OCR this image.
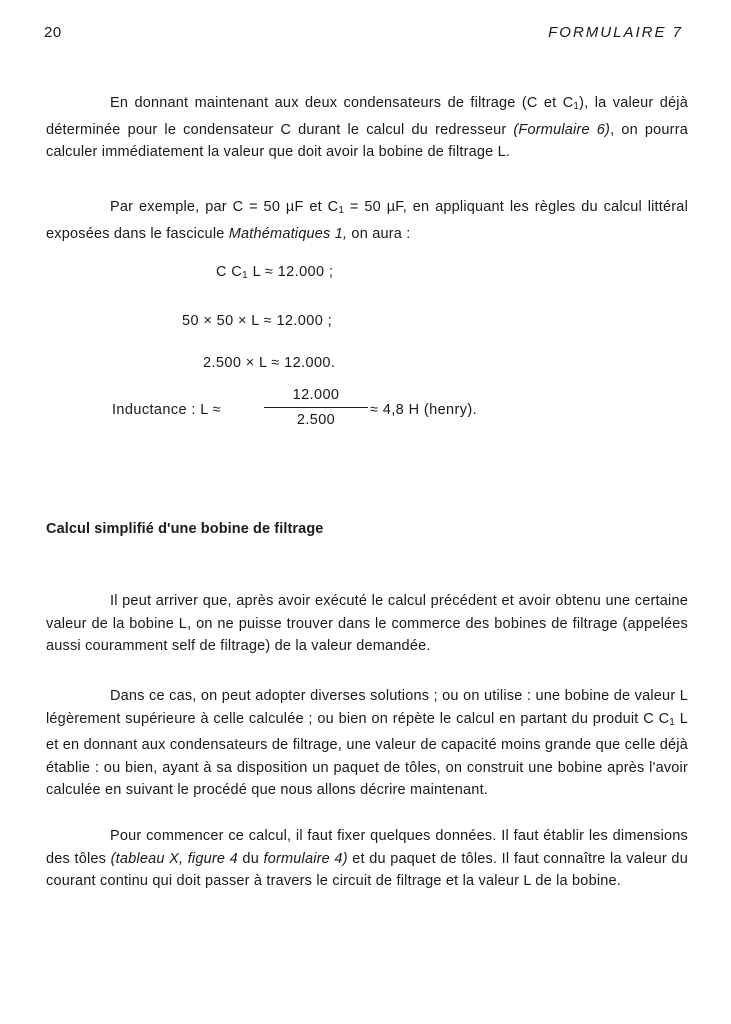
20	FORMULAIRE 7

En donnant maintenant aux deux condensateurs de filtrage (C et $C_1$), la valeur déjà déterminée pour le condensateur C durant le calcul du redresseur (Formulaire 6), on pourra calculer immédiatement la valeur que doit avoir la bobine de filtrage L.

Par exemple, par C = 50 µF et $C_1 = 50$ µF, en appliquant les règles du calcul littéral exposées dans le fascicule Mathématiques 1, on aura :

C $C_1$ L ≈ 12.000 ;
50 × 50 × L ≈ 12.000 ;
2.500 × L ≈ 12.000.
Inductance : L ≈
12.000
2.500
≈ 4,8 H (henry).
Calcul simplifié d'une bobine de filtrage

Il peut arriver que, après avoir exécuté le calcul précédent et avoir obtenu une certaine valeur de la bobine L, on ne puisse trouver dans le commerce des bobines de filtrage (appelées aussi couramment self de filtrage) de la valeur demandée.

Dans ce cas, on peut adopter diverses solutions ; ou on utilise : une bobine de valeur L légèrement supérieure à celle calculée ; ou bien on répète le calcul en partant du produit C $C_1$ L et en donnant aux condensateurs de filtrage, une valeur de capacité moins grande que celle déjà établie : ou bien, ayant à sa disposition un paquet de tôles, on construit une bobine après l'avoir calculée en suivant le procédé que nous allons décrire maintenant.

Pour commencer ce calcul, il faut fixer quelques données. Il faut établir les dimensions des tôles (tableau X, figure 4 du formulaire 4) et du paquet de tôles. Il faut connaître la valeur du courant continu qui doit passer à travers le circuit de filtrage et la valeur L de la bobine.
